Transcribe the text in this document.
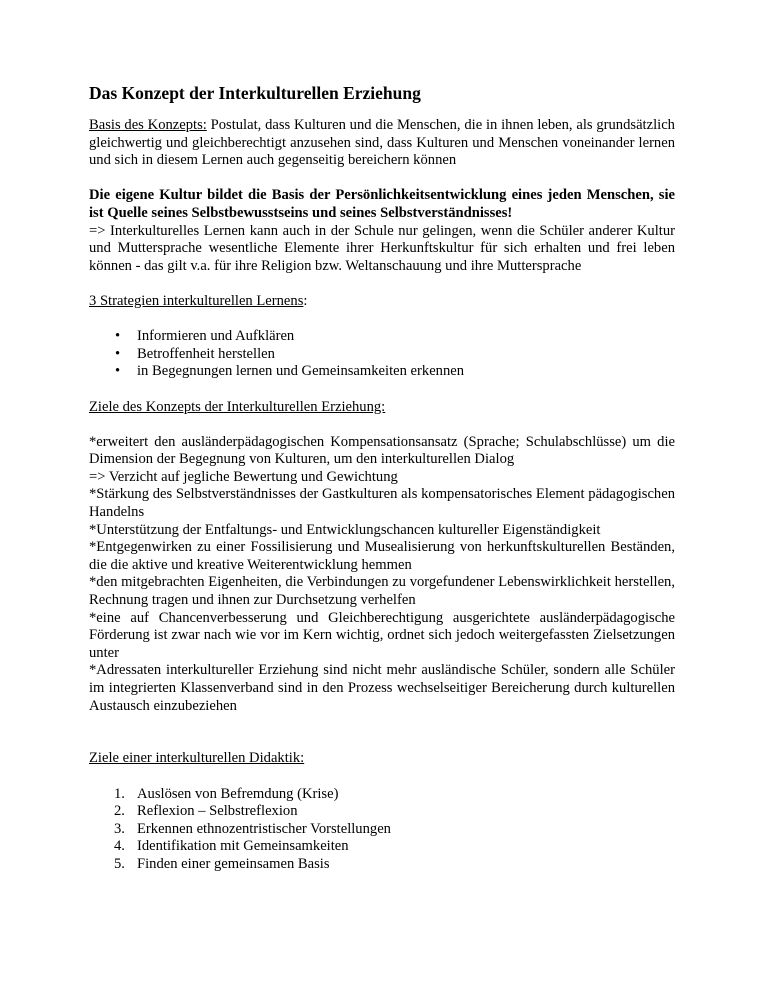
Das Konzept der Interkulturellen Erziehung

Basis des Konzepts: Postulat, dass Kulturen und die Menschen, die in ihnen leben, als grundsätzlich gleichwertig und gleichberechtigt anzusehen sind, dass Kulturen und Menschen voneinander lernen und sich in diesem Lernen auch gegenseitig bereichern können

Die eigene Kultur bildet die Basis der Persönlichkeitsentwicklung eines jeden Menschen, sie ist Quelle seines Selbstbewusstseins und seines Selbstverständnisses!

=> Interkulturelles Lernen kann auch in der Schule nur gelingen, wenn die Schüler anderer Kultur und Muttersprache wesentliche Elemente ihrer Herkunftskultur für sich erhalten und frei leben können - das gilt v.a. für ihre Religion bzw. Weltanschauung und ihre Muttersprache

3 Strategien interkulturellen Lernens:

• Informieren und Aufklären
• Betroffenheit herstellen
• in Begegnungen lernen und Gemeinsamkeiten erkennen

Ziele des Konzepts der Interkulturellen Erziehung:

*erweitert den ausländerpädagogischen Kompensationsansatz (Sprache; Schulabschlüsse) um die Dimension der Begegnung von Kulturen, um den interkulturellen Dialog

=> Verzicht auf jegliche Bewertung und Gewichtung

*Stärkung des Selbstverständnisses der Gastkulturen als kompensatorisches Element pädagogischen Handelns

*Unterstützung der Entfaltungs- und Entwicklungschancen kultureller Eigenständigkeit

*Entgegenwirken zu einer Fossilisierung und Musealisierung von herkunftskulturellen Beständen, die die aktive und kreative Weiterentwicklung hemmen

*den mitgebrachten Eigenheiten, die Verbindungen zu vorgefundener Lebenswirklichkeit herstellen, Rechnung tragen und ihnen zur Durchsetzung verhelfen

*eine auf Chancenverbesserung und Gleichberechtigung ausgerichtete ausländerpädagogische Förderung ist zwar nach wie vor im Kern wichtig, ordnet sich jedoch weitergefassten Zielsetzungen unter

*Adressaten interkultureller Erziehung sind nicht mehr ausländische Schüler, sondern alle Schüler im integrierten Klassenverband sind in den Prozess wechselseitiger Bereicherung durch kulturellen Austausch einzubeziehen

Ziele einer interkulturellen Didaktik:

1. Auslösen von Befremdung (Krise)
2. Reflexion – Selbstreflexion
3. Erkennen ethnozentristischer Vorstellungen
4. Identifikation mit Gemeinsamkeiten
5. Finden einer gemeinsamen Basis
